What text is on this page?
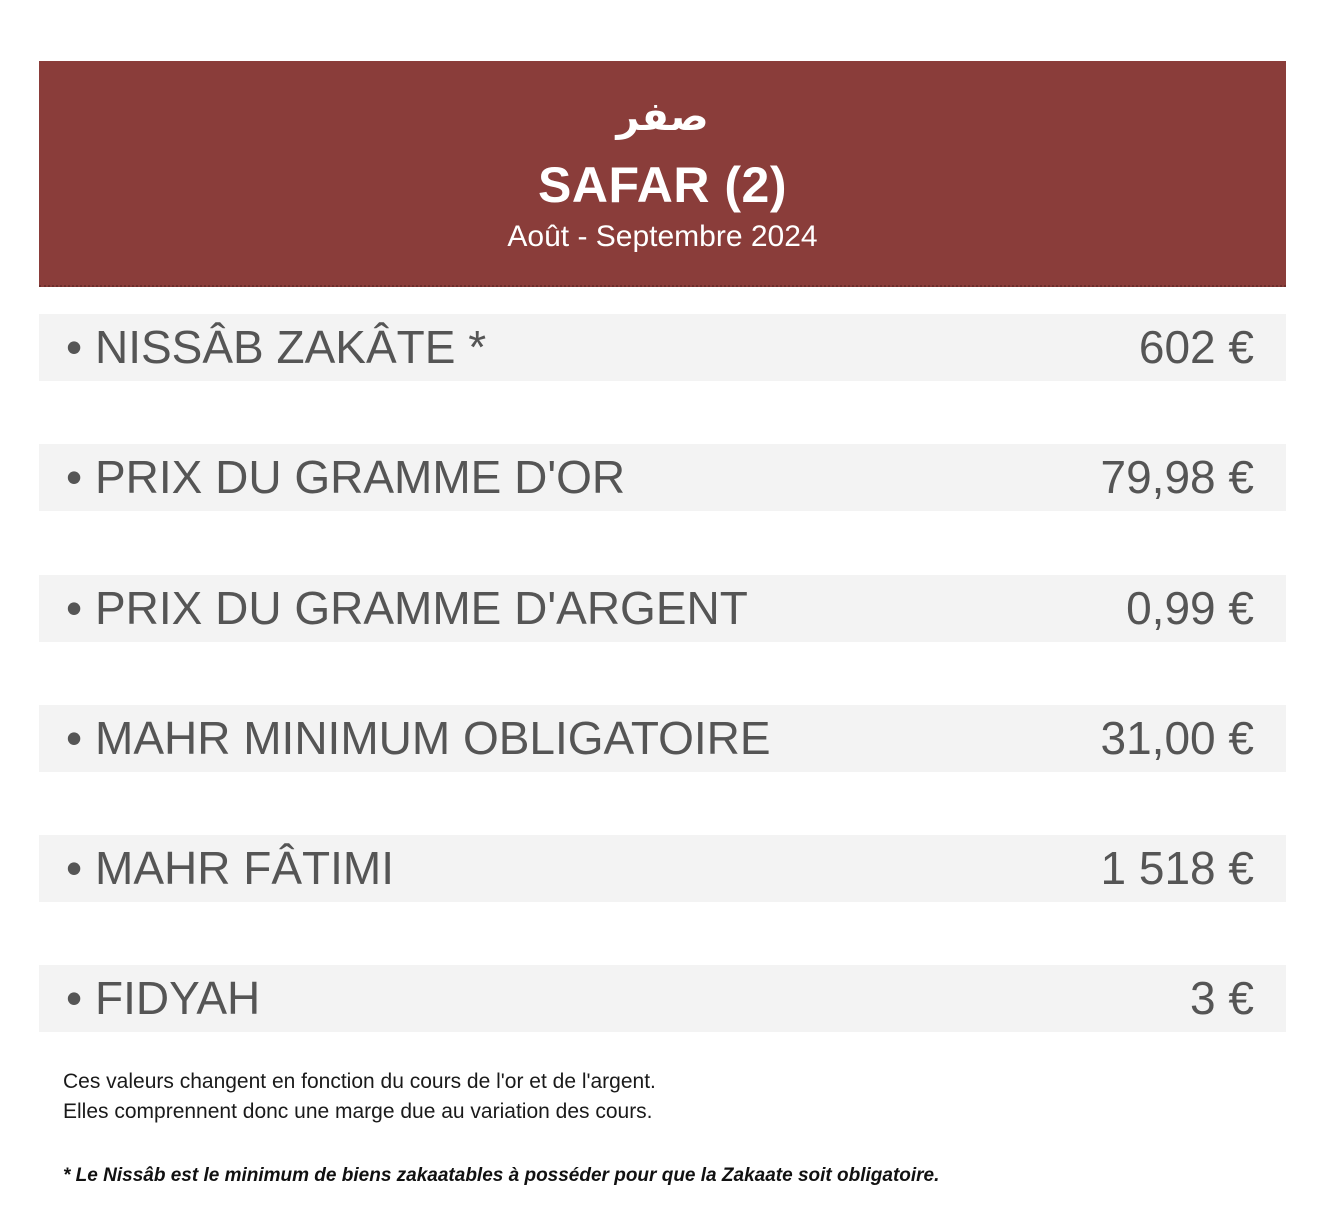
صفر
SAFAR (2)
Août - Septembre 2024
• NISSÂB ZAKÂTE *	602 €
• PRIX DU GRAMME D'OR	79,98 €
• PRIX DU GRAMME D'ARGENT	0,99 €
• MAHR MINIMUM OBLIGATOIRE	31,00 €
• MAHR FÂTIMI	1 518 €
• FIDYAH	3 €
Ces valeurs changent en fonction du cours de l'or et de l'argent.
Elles comprennent donc une marge due au variation des cours.
* Le Nissâb est le minimum de biens zakaatables à posséder pour que la Zakaate soit obligatoire.
